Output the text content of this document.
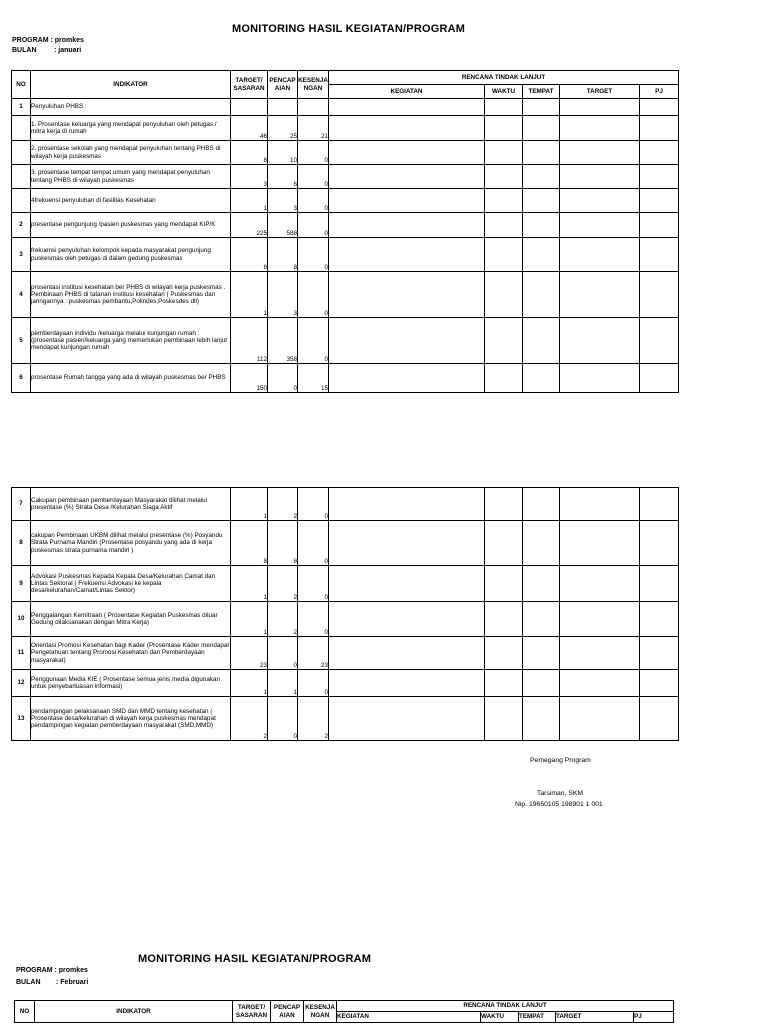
MONITORING HASIL KEGIATAN/PROGRAM
PROGRAM : promkes
BULAN	: januari
NO	INDIKATOR	TARGET/ SASARAN	PENCAP AIAN	KESENJA NGAN	RENCANA TINDAK LANJUT				
					KEGIATAN	WAKTU	TEMPAT	TARGET	PJ
1	Penyuluhan PHBS :								
	1. Prosentase keluarga yang mendapat penyuluhan oleh petugas / mitra kerja di rumah	46	25	21					
	2. prosentase sekolah yang mendapat penyuluhan tentang PHBS di wilayah kerja puskesmas	8	10	0					
	3. prosentase tempat tempat umum yang mendapat penyuluhan tentang PHBS di wilayah puskesmas	3	6	0					
	4frekuensi penyuluhan di fasilitas Kesehatan	1	3	0					
2	presentase pengunjung /pasien puskesmas yang mendapat KIP/K	225	588	0					
3	frekuensi penyuluhan kelompok kepada masyarakat pengunjung puskesmas oleh petugas di dalam gedung puskesmas	8	8	0					
4	prosentasi institusi kesehatan ber PHBS di wilayah kerja puskesmas . Pembinaan PHBS di tatanan institusi kesehatan ( Puskesmas dan jaringannya : puskesmas pembantu,Polindes,Poskesdes dll)	1	3	0					
5	pemberdayaan individu /keluarga melalui kunjungan rumah : (prosentase pasien/keluarga yang memerlukan pembinaan lebih lanjut mendapat kunjungan rumah	112	358	0					
6	prosentase Rumah tangga yang ada di wilayah puskesmas ber PHBS	150	0	15					
7	Cakupan pembinaan pemberdayaan Masyarakat dilihat melalui presentase (%) Strata Desa /Kelurahan Siaga Aktif	1	2	0					
8	cakupan Pembinaan UKBM dilihat melalui presentase (%) Posyandu Strata Purnama Mandiri (Prosentase posyandu yang ada di kerja puskesmas strata purnama mandiri )	8	8	0					
9	Advokasi Puskesmas Kepada Kepala Desa/Kelurahan Camat dan Lintas Sektoral ( Frekuensi Advokasi ke kepala desa/kelurahan/Camat/Lintas Sektor)	1	2	0					
10	Penggalangan Kemitraan ( Prosentase Kegiatan Puskesmas diluar Gedung dilaksanakan dengan Mitra Kerja)	1	2	0					
11	Orientasi Promosi Kesehatan bagi Kader (Prosentase Kader mendapat Pengetahuan tentang Promosi Kesehatan dan Pemberdayaan masyarakat)	23	0	23					
12	Penggunaan Media KIE ( Prosentase semua jenis media digunakan untuk penyebarluasan informasi)	1	1	0					
13	pendampingan pelaksanaan SMD dan MMD tentang kesehatan ( Prosentase desa/kelurahan di wilayah kerja puskesmas mendapat pendampingan kegiatan pemberdayaan masyarakat (SMD,MMD)	2	0	2					
Pemegang Program
Tarsiman, SKM
Nip. 19650105 198901 1 001
MONITORING HASIL KEGIATAN/PROGRAM
PROGRAM : promkes
BULAN : Februari
NO	INDIKATOR	TARGET/ SASARAN	PENCAP AIAN	KESENJA NGAN	RENCANA TINDAK LANJUT				
					KEGIATAN	WAKTU	TEMPAT	TARGET	PJ
